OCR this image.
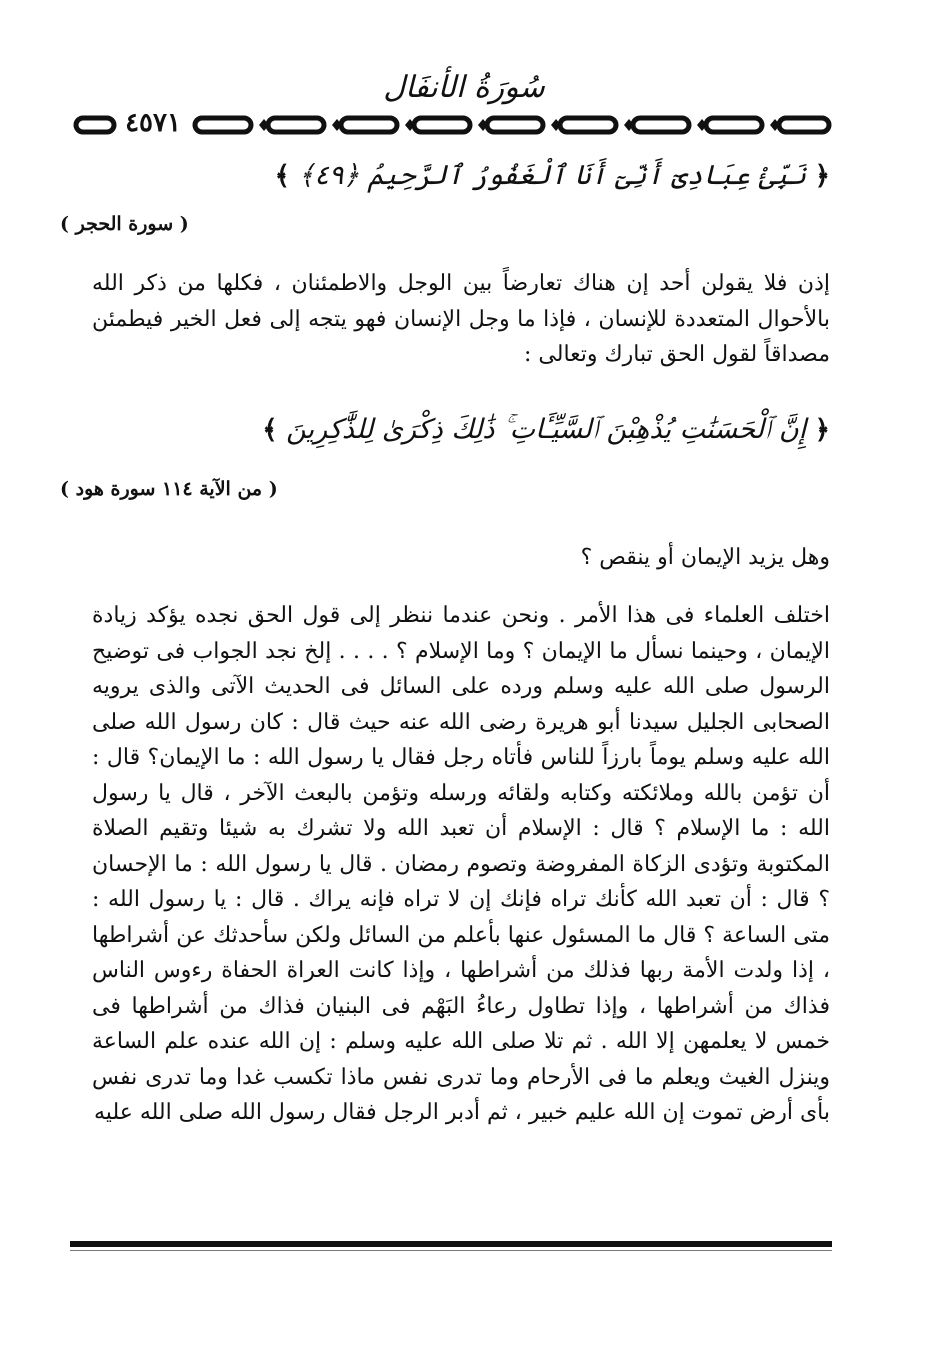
سُورَةُ الأنفَال
٤٥٧١
﴿ نَبِّئْ عِبَادِىٓ أَنِّىٓ أَنَا ٱلْغَفُورُ ٱلرَّحِيمُ ﴿٤٩﴾ ﴾
( سورة الحجر )

إذن فلا يقولن أحد إن هناك تعارضاً بين الوجل والاطمئنان ، فكلها من ذكر الله بالأحوال المتعددة للإنسان ، فإذا ما وجل الإنسان فهو يتجه إلى فعل الخير فيطمئن مصداقاً لقول الحق تبارك وتعالى :

﴿ إِنَّ ٱلْحَسَنَٰتِ يُذْهِبْنَ ٱلسَّيِّـَٔاتِ ۚ ذَٰلِكَ ذِكْرَىٰ لِلذَّٰكِرِينَ ﴾
( من الآية ١١٤ سورة هود )

وهل يزيد الإيمان أو ينقص ؟

اختلف العلماء فى هذا الأمر . ونحن عندما ننظر إلى قول الحق نجده يؤكد زيادة الإيمان ، وحينما نسأل ما الإيمان ؟ وما الإسلام ؟ . . . . إلخ نجد الجواب فى توضيح الرسول صلى الله عليه وسلم ورده على السائل فى الحديث الآتى والذى يرويه الصحابى الجليل سيدنا أبو هريرة رضى الله عنه حيث قال : كان رسول الله صلى الله عليه وسلم يوماً بارزاً للناس فأتاه رجل فقال يا رسول الله : ما الإيمان؟ قال : أن تؤمن بالله وملائكته وكتابه ولقائه ورسله وتؤمن بالبعث الآخر ، قال يا رسول الله : ما الإسلام ؟ قال : الإسلام أن تعبد الله ولا تشرك به شيئا وتقيم الصلاة المكتوبة وتؤدى الزكاة المفروضة وتصوم رمضان . قال يا رسول الله : ما الإحسان ؟ قال : أن تعبد الله كأنك تراه فإنك إن لا تراه فإنه يراك . قال : يا رسول الله : متى الساعة ؟ قال ما المسئول عنها بأعلم من السائل ولكن سأحدثك عن أشراطها ، إذا ولدت الأمة ربها فذلك من أشراطها ، وإذا كانت العراة الحفاة رءوس الناس فذاك من أشراطها ، وإذا تطاول رعاءُ البَهْم فى البنيان فذاك من أشراطها فى خمس لا يعلمهن إلا الله . ثم تلا صلى الله عليه وسلم : إن الله عنده علم الساعة وينزل الغيث ويعلم ما فى الأرحام وما تدرى نفس ماذا تكسب غدا وما تدرى نفس بأى أرض تموت إن الله عليم خبير ، ثم أدبر الرجل فقال رسول الله صلى الله عليه
